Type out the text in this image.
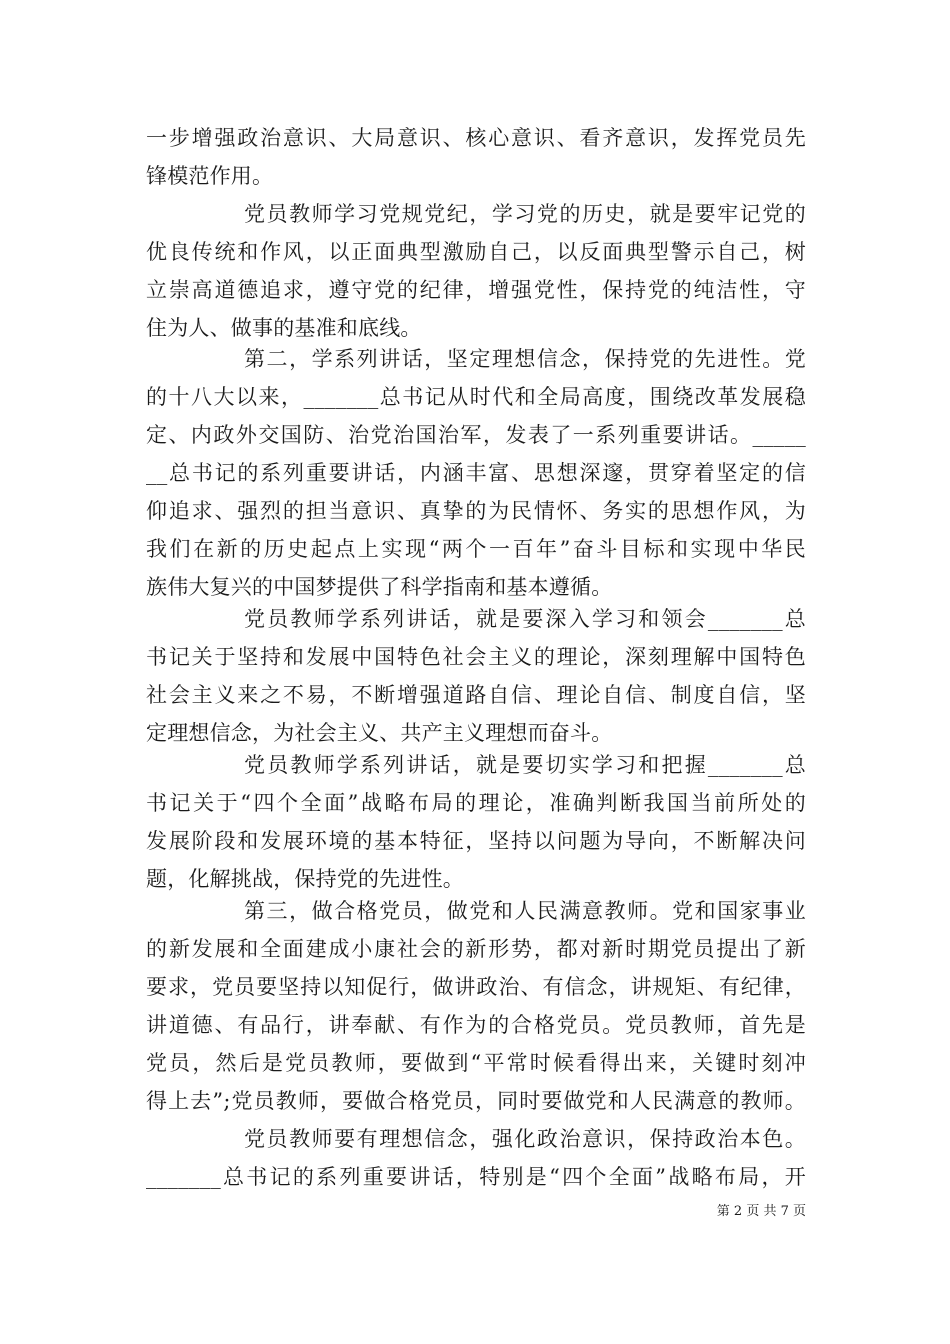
一步增强政治意识、大局意识、核心意识、看齐意识，发挥党员先
锋模范作用。
党员教师学习党规党纪，学习党的历史，就是要牢记党的
优良传统和作风，以正面典型激励自己，以反面典型警示自己，树
立崇高道德追求，遵守党的纪律，增强党性，保持党的纯洁性，守
住为人、做事的基准和底线。
第二，学系列讲话，坚定理想信念，保持党的先进性。党
的十八大以来，_______总书记从时代和全局高度，围绕改革发展稳
定、内政外交国防、治党治国治军，发表了一系列重要讲话。_____
__总书记的系列重要讲话，内涵丰富、思想深邃，贯穿着坚定的信
仰追求、强烈的担当意识、真挚的为民情怀、务实的思想作风，为
我们在新的历史起点上实现“两个一百年”奋斗目标和实现中华民
族伟大复兴的中国梦提供了科学指南和基本遵循。
党员教师学系列讲话，就是要深入学习和领会_______总
书记关于坚持和发展中国特色社会主义的理论，深刻理解中国特色
社会主义来之不易，不断增强道路自信、理论自信、制度自信，坚
定理想信念，为社会主义、共产主义理想而奋斗。
党员教师学系列讲话，就是要切实学习和把握_______总
书记关于“四个全面”战略布局的理论，准确判断我国当前所处的
发展阶段和发展环境的基本特征，坚持以问题为导向，不断解决问
题，化解挑战，保持党的先进性。
第三，做合格党员，做党和人民满意教师。党和国家事业
的新发展和全面建成小康社会的新形势，都对新时期党员提出了新
要求，党员要坚持以知促行，做讲政治、有信念，讲规矩、有纪律，
讲道德、有品行，讲奉献、有作为的合格党员。党员教师，首先是
党员，然后是党员教师，要做到“平常时候看得出来，关键时刻冲
得上去”;党员教师，要做合格党员，同时要做党和人民满意的教师。
党员教师要有理想信念，强化政治意识，保持政治本色。
_______总书记的系列重要讲话，特别是“四个全面”战略布局，开
第 2 页 共 7 页
